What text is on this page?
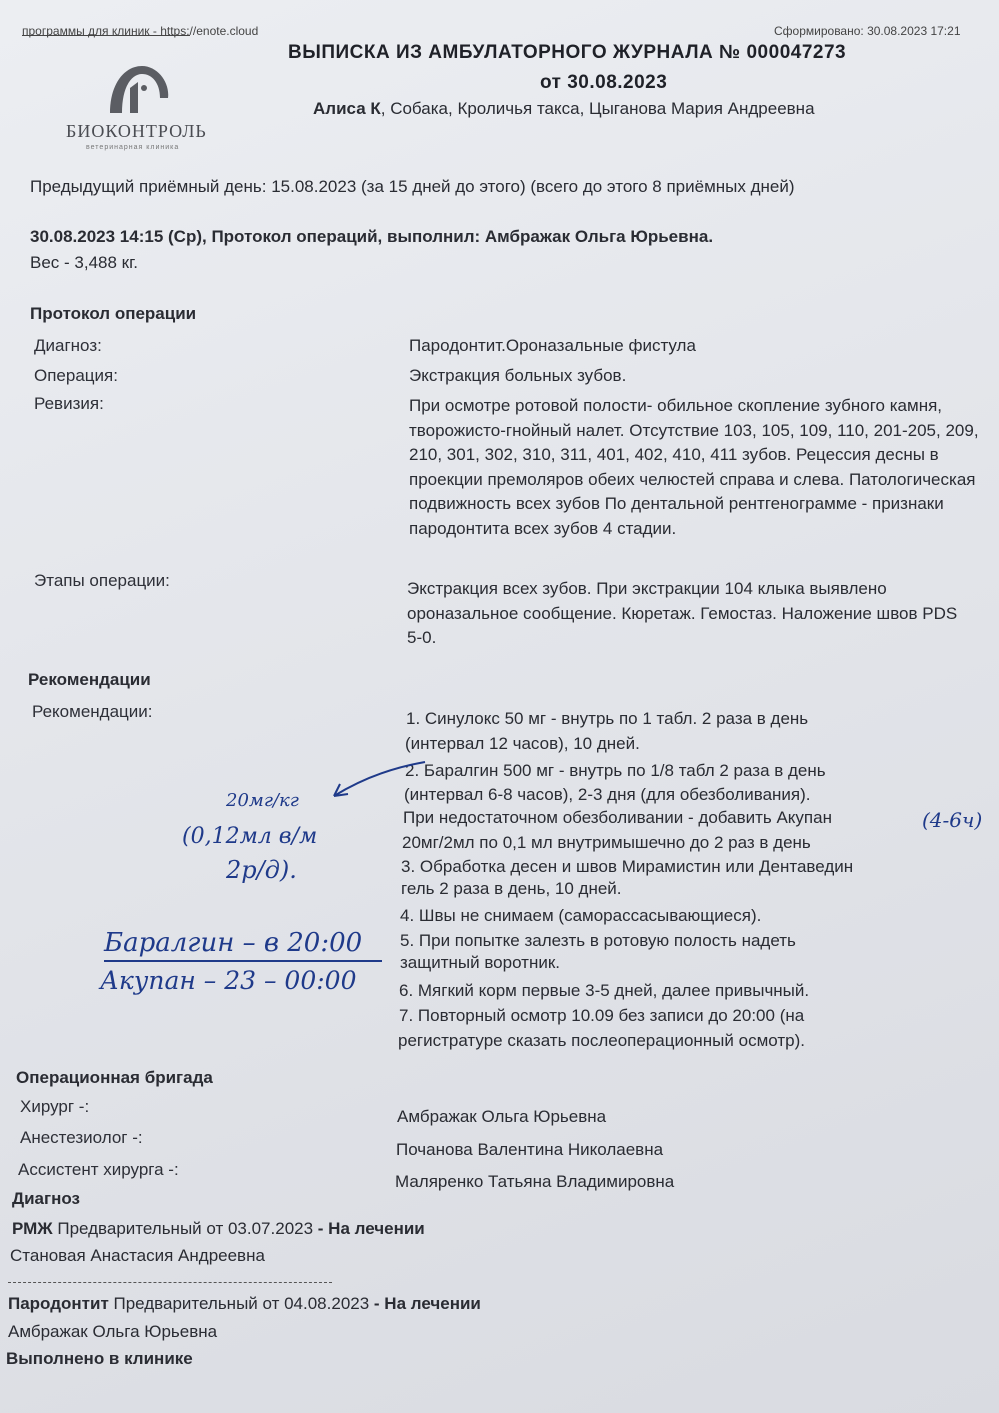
программы для клиник - https://enote.cloud	Сформировано: 30.08.2023 17:21
БИОКОНТРОЛЬ
ветеринарная клиника
ВЫПИСКА ИЗ АМБУЛАТОРНОГО ЖУРНАЛА № 000047273
от 30.08.2023
Алиса К, Собака, Кроличья такса, Цыганова Мария Андреевна
Предыдущий приёмный день: 15.08.2023 (за 15 дней до этого) (всего до этого 8 приёмных дней)
30.08.2023 14:15 (Ср), Протокол операций, выполнил: Амбражак Ольга Юрьевна.
Вес - 3,488 кг.
Протокол операции
Диагноз:	Пародонтит.Ороназальные фистула
Операция:	Экстракция больных зубов.
Ревизия:	При осмотре ротовой полости- обильное скопление зубного камня, творожисто-гнойный налет. Отсутствие 103, 105, 109, 110, 201-205, 209, 210, 301, 302, 310, 311, 401, 402, 410, 411 зубов. Рецессия десны в проекции премоляров обеих челюстей справа и слева. Патологическая подвижность всех зубов По дентальной рентгенограмме - признаки пародонтита всех зубов 4 стадии.
Этапы операции:	Экстракция всех зубов. При экстракции 104 клыка выявлено ороназальное сообщение. Кюретаж. Гемостаз. Наложение швов PDS 5-0.
Рекомендации
Рекомендации:	1. Синулокс 50 мг - внутрь по 1 табл. 2 раза в день
(интервал 12 часов), 10 дней.
2. Баралгин 500 мг - внутрь по 1/8 табл 2 раза в день
(интервал 6-8 часов), 2-3 дня (для обезболивания).
При недостаточном обезболивании - добавить Акупан
20мг/2мл по 0,1 мл внутримышечно до 2 раз в день
3. Обработка десен и швов Мирамистин или Дентаведин
гель 2 раза в день, 10 дней.
4. Швы не снимаем (саморассасывающиеся).
5. При попытке залезть в ротовую полость надеть
защитный воротник.
6. Мягкий корм первые 3-5 дней, далее привычный.
7. Повторный осмотр 10.09 без записи до 20:00 (на
регистратуре сказать послеоперационный осмотр).
20мг/кг
(0,12мл в/м
2р/д).
(4-6ч)
Баралгин – в 20:00
Акупан – 23 – 00:00
Операционная бригада
Хирург -:
Амбражак Ольга Юрьевна
Анестезиолог -:
Почанова Валентина Николаевна
Ассистент хирурга -:
Маляренко Татьяна Владимировна
Диагноз
РМЖ Предварительный от 03.07.2023 - На лечении
Становая Анастасия Андреевна
Пародонтит Предварительный от 04.08.2023 - На лечении
Амбражак Ольга Юрьевна
Выполнено в клинике
